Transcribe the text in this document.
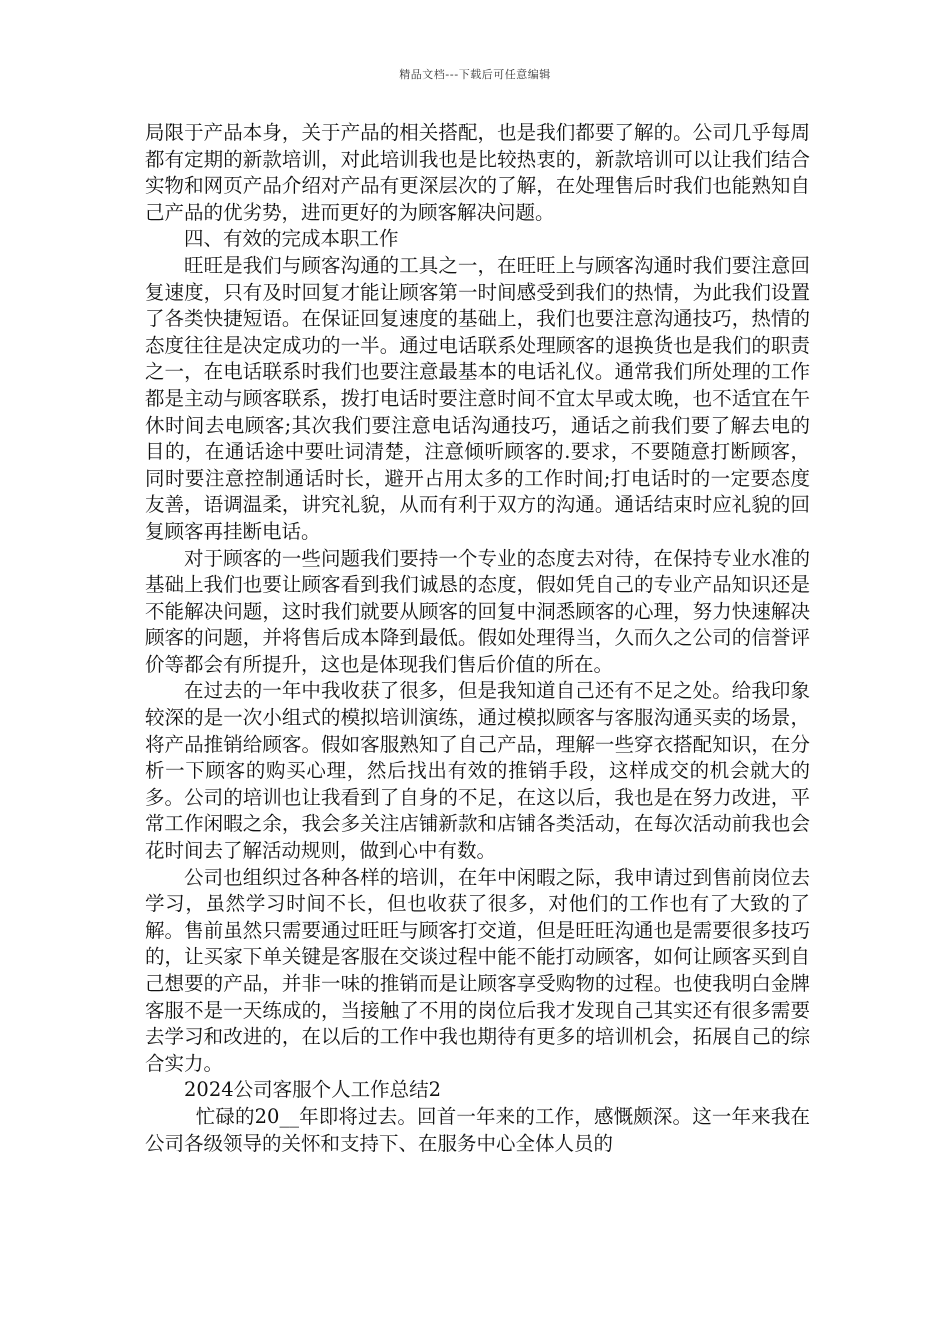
精品文档---下载后可任意编辑

局限于产品本身，关于产品的相关搭配，也是我们都要了解的。公司几乎每周都有定期的新款培训，对此培训我也是比较热衷的，新款培训可以让我们结合实物和网页产品介绍对产品有更深层次的了解，在处理售后时我们也能熟知自己产品的优劣势，进而更好的为顾客解决问题。

四、有效的完成本职工作

旺旺是我们与顾客沟通的工具之一，在旺旺上与顾客沟通时我们要注意回复速度，只有及时回复才能让顾客第一时间感受到我们的热情，为此我们设置了各类快捷短语。在保证回复速度的基础上，我们也要注意沟通技巧，热情的态度往往是决定成功的一半。通过电话联系处理顾客的退换货也是我们的职责之一，在电话联系时我们也要注意最基本的电话礼仪。通常我们所处理的工作都是主动与顾客联系，拨打电话时要注意时间不宜太早或太晚，也不适宜在午休时间去电顾客;其次我们要注意电话沟通技巧，通话之前我们要了解去电的目的，在通话途中要吐词清楚，注意倾听顾客的.要求，不要随意打断顾客，同时要注意控制通话时长，避开占用太多的工作时间;打电话时的一定要态度友善，语调温柔，讲究礼貌，从而有利于双方的沟通。通话结束时应礼貌的回复顾客再挂断电话。

对于顾客的一些问题我们要持一个专业的态度去对待，在保持专业水准的基础上我们也要让顾客看到我们诚恳的态度，假如凭自己的专业产品知识还是不能解决问题，这时我们就要从顾客的回复中洞悉顾客的心理，努力快速解决顾客的问题，并将售后成本降到最低。假如处理得当，久而久之公司的信誉评价等都会有所提升，这也是体现我们售后价值的所在。

在过去的一年中我收获了很多，但是我知道自己还有不足之处。给我印象较深的是一次小组式的模拟培训演练，通过模拟顾客与客服沟通买卖的场景，将产品推销给顾客。假如客服熟知了自己产品，理解一些穿衣搭配知识，在分析一下顾客的购买心理，然后找出有效的推销手段，这样成交的机会就大的多。公司的培训也让我看到了自身的不足，在这以后，我也是在努力改进，平常工作闲暇之余，我会多关注店铺新款和店铺各类活动，在每次活动前我也会花时间去了解活动规则，做到心中有数。

公司也组织过各种各样的培训，在年中闲暇之际，我申请过到售前岗位去学习，虽然学习时间不长，但也收获了很多，对他们的工作也有了大致的了解。售前虽然只需要通过旺旺与顾客打交道，但是旺旺沟通也是需要很多技巧的，让买家下单关键是客服在交谈过程中能不能打动顾客，如何让顾客买到自己想要的产品，并非一味的推销而是让顾客享受购物的过程。也使我明白金牌客服不是一天练成的，当接触了不用的岗位后我才发现自己其实还有很多需要去学习和改进的，在以后的工作中我也期待有更多的培训机会，拓展自己的综合实力。

2024公司客服个人工作总结2

忙碌的20__年即将过去。回首一年来的工作，感慨颇深。这一年来我在公司各级领导的关怀和支持下、在服务中心全体人员的
